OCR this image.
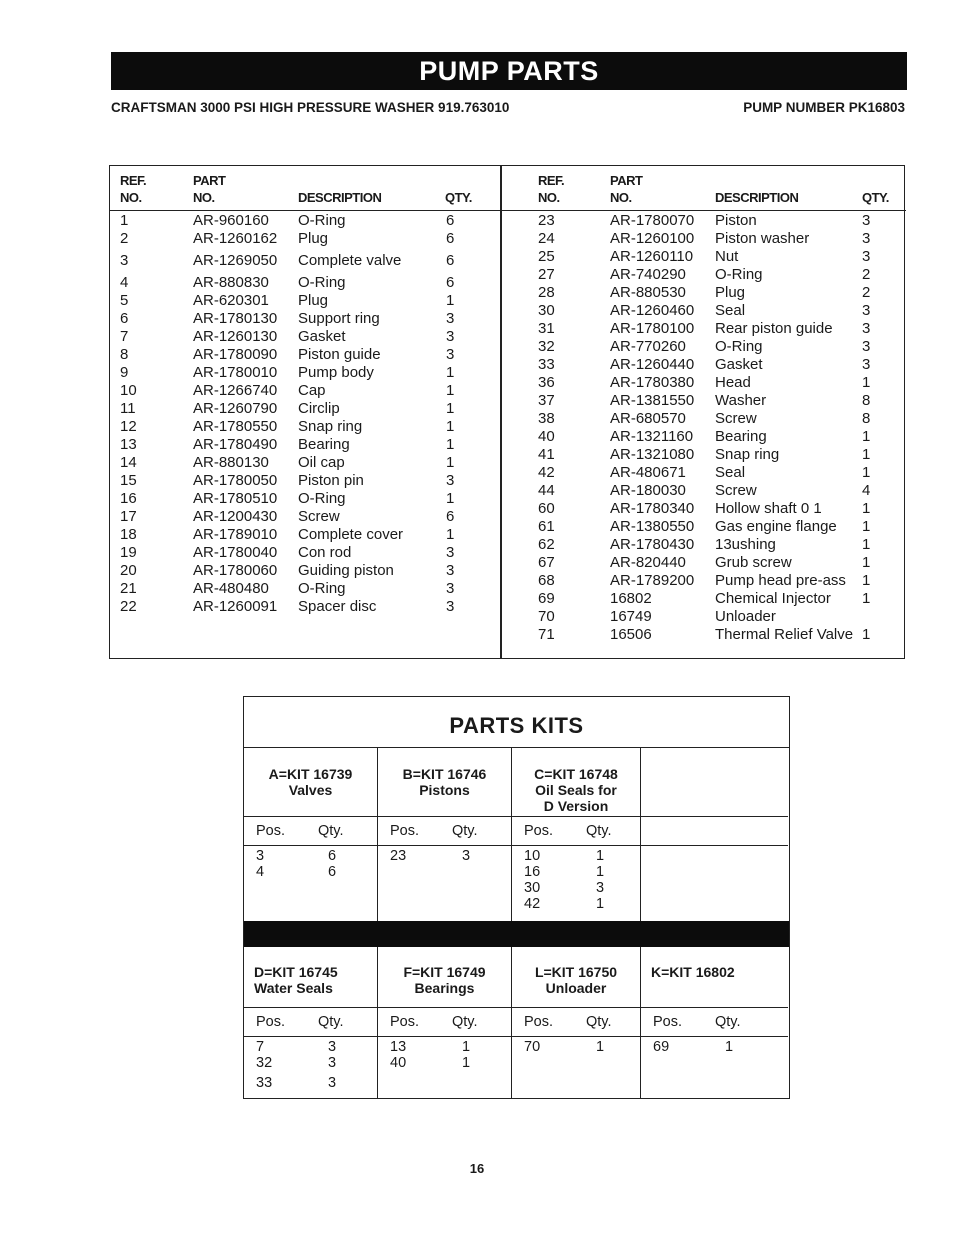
PUMP PARTS
CRAFTSMAN 3000 PSI HIGH PRESSURE WASHER 919.763010	PUMP NUMBER PK16803
REF.
NO.
PART
NO.	DESCRIPTION	QTY.
1	AR-960160 O-Ring	6
2	AR-1260162 Plug	6
3	AR-1269050 Complete valve	6
4	AR-880830 O-Ring	6
5	AR-620301 Plug	1
6	AR-1780130 Support ring	3
7	AR-1260130 Gasket	3
8	AR-1780090 Piston guide	3
9	AR-1780010 Pump body	1
10	AR-1266740 Cap	1
11	AR-1260790 Circlip	1
12	AR-1780550 Snap ring	1
13	AR-1780490 Bearing	1
14	AR-880130 Oil cap	1
15	AR-1780050 Piston pin	3
16	AR-1780510 O-Ring	1
17	AR-1200430 Screw	6
18	AR-1789010 Complete cover	1
19	AR-1780040 Con rod	3
20	AR-1780060 Guiding piston	3
21	AR-480480 O-Ring	3
22	AR-1260091 Spacer disc	3
REF.
NO.
PART
NO.	DESCRIPTION	QTY.
23	AR-1780070 Piston	3
24	AR-1260100 Piston washer	3
25	AR-1260110 Nut	3
27	AR-740290 O-Ring	2
28	AR-880530 Plug	2
30	AR-1260460 Seal	3
31	AR-1780100 Rear piston guide 3
32	AR-770260 O-Ring	3
33	AR-1260440 Gasket	3
36	AR-1780380 Head	1
37	AR-1381550 Washer	8
38	AR-680570 Screw	8
40	AR-1321160 Bearing	1
41	AR-1321080 Snap ring	1
42	AR-480671 Seal	1
44	AR-180030 Screw	4
60	AR-1780340 Hollow shaft 0 1	1
61	AR-1380550 Gas engine flange 1
62	AR-1780430 13ushing	1
67	AR-820440 Grub screw	1
68	AR-1789200 Pump head pre-ass 1
69	16802	Chemical Injector 1
70	16749	Unloader
71	16506	Thermal Relief Valve 1
PARTS KITS
A=KIT 16739
Valves
Pos. Qty.
3	6
4	6
B=KIT 16746
Pistons
Pos. Qty.
23	3
C=KIT 16748
Oil Seals for
D Version
Pos. Qty.
10	1
16	1
30	3
42	1
D=KIT 16745
Water Seals
Pos. Qty.
7	3
32	3
33	3
F=KIT 16749
Bearings
Pos. Qty.
13	1
40	1
L=KIT 16750
Unloader
Pos. Qty.
70	1
K=KIT 16802
Pos. Qty.
69	1
16
